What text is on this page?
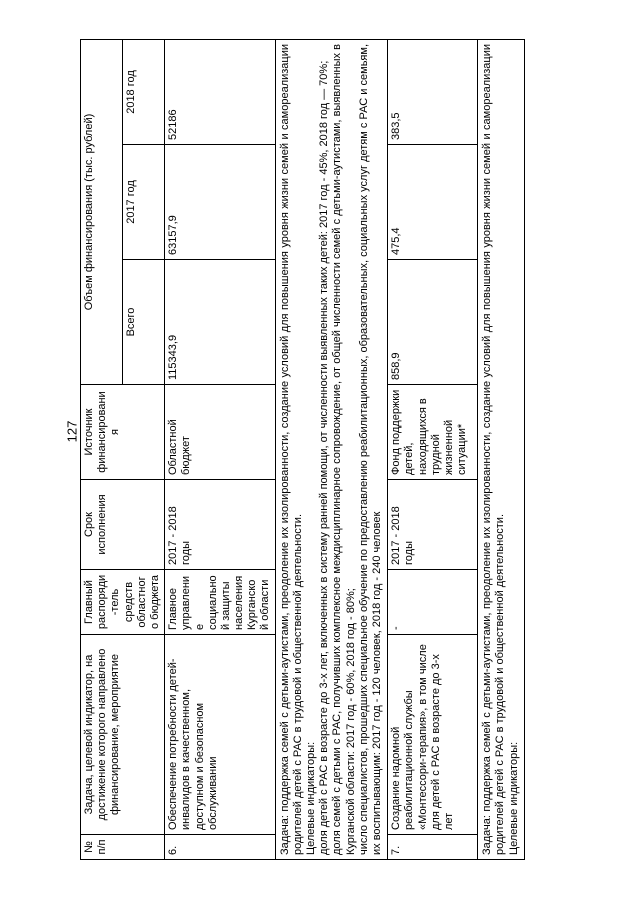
127
№ п/п	Задача, целевой индикатор, на достижение которого направлено финансирование, мероприятие	Главный распоряди-тель средств областного бюджета	Срок исполнения	Источник финансирования	Объем финансирования (тыс. рублей)		
					Всего	2017 год	2018 год
6.	Обеспечение потребности детей-инвалидов в качественном, доступном и безопасном обслуживании	Главное управление социальной защиты населения Курганской области	2017 - 2018 годы	Областной бюджет	115343,9	63157,9	52186

Задача: поддержка семей с детьми-аутистами, преодоление их изолированности, создание условий для повышения уровня жизни семей и самореализации родителей детей с РАС в трудовой и общественной деятельности. Целевые индикаторы: доля детей с РАС в возрасте до 3-х лет, включенных в систему ранней помощи, от численности выявленных таких детей: 2017 год - 45%, 2018 год — 70%; доля семей с детьми с РАС, получивших комплексное междисциплинарное сопровождение, от общей численности семей с детьми-аутистами, выявленных в Курганской области: 2017 год - 60%, 2018 год - 80%; число специалистов, прошедших специальное обучение по предоставлению реабилитационных, образовательных, социальных услуг детям с РАС и семьям, их воспитывающим: 2017 год - 120 человек, 2018 год - 240 человек							

7.	Создание надомной реабилитационной службы «Монтессори-терапия», в том числе для детей с РАС в возрасте до 3-х лет	-	2017 - 2018 годы	Фонд поддержки детей, находящихся в трудной жизненной ситуации*	858,9	475,4	383,5

Задача: поддержка семей с детьми-аутистами, преодоление их изолированности, создание условий для повышения уровня жизни семей и самореализации родителей детей с РАС в трудовой и общественной деятельности. Целевые индикаторы:							
